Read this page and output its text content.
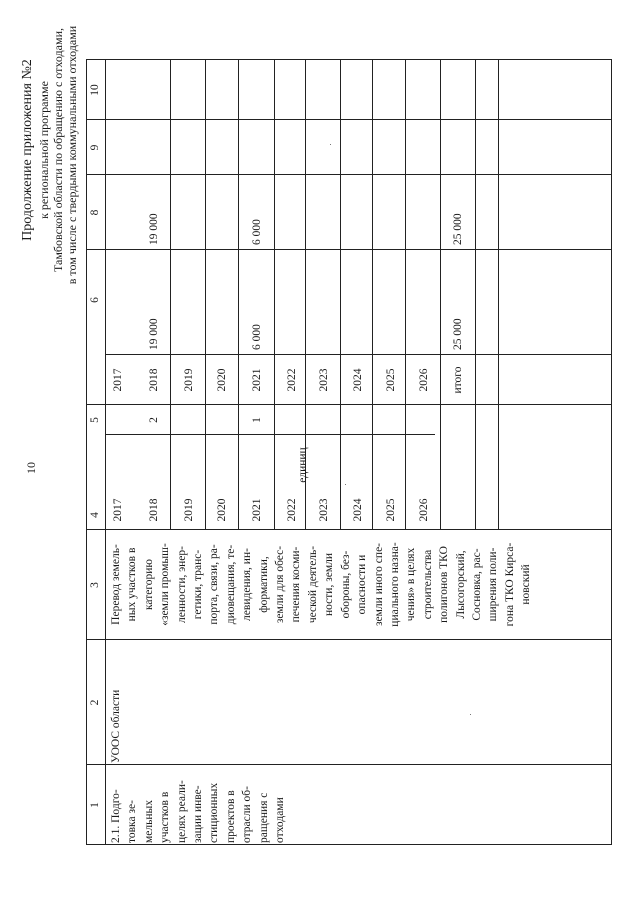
10
Продолжение приложения №2 к региональной программе Тамбовской области по обращению с отходами, в том числе с твердыми коммунальными отходами
1
2
3
4
5
6
8
9
10
2.1. Подго- товка зе- мельных участков в целях реали- зации инве- стиционных проектов в отрасли об- ращения с отходами
УООС области
Перевод земель- ных участков в категорию «земли промыш- ленности, энер- гетики, транс- порта, связи, ра- диовещания, те- левидения, ин- форматики, земли для обес- печения косми- ческой деятель- ности, земли обороны, без- опасности и земли иного спе- циального назна- чения» в целях строительства полигонов ТКО Лысогорский, Сосновка, рас- ширения поли- гона ТКО Кирса- новский
единиц
2017 2018
2
2019 2020 2021
1
2022 2023 2024 2025 2026
2017 2018
19 000
19 000
2019 2020 2021
6 000
6 000
2022 2023 2024 2025 2026 итого
25 000
25 000
